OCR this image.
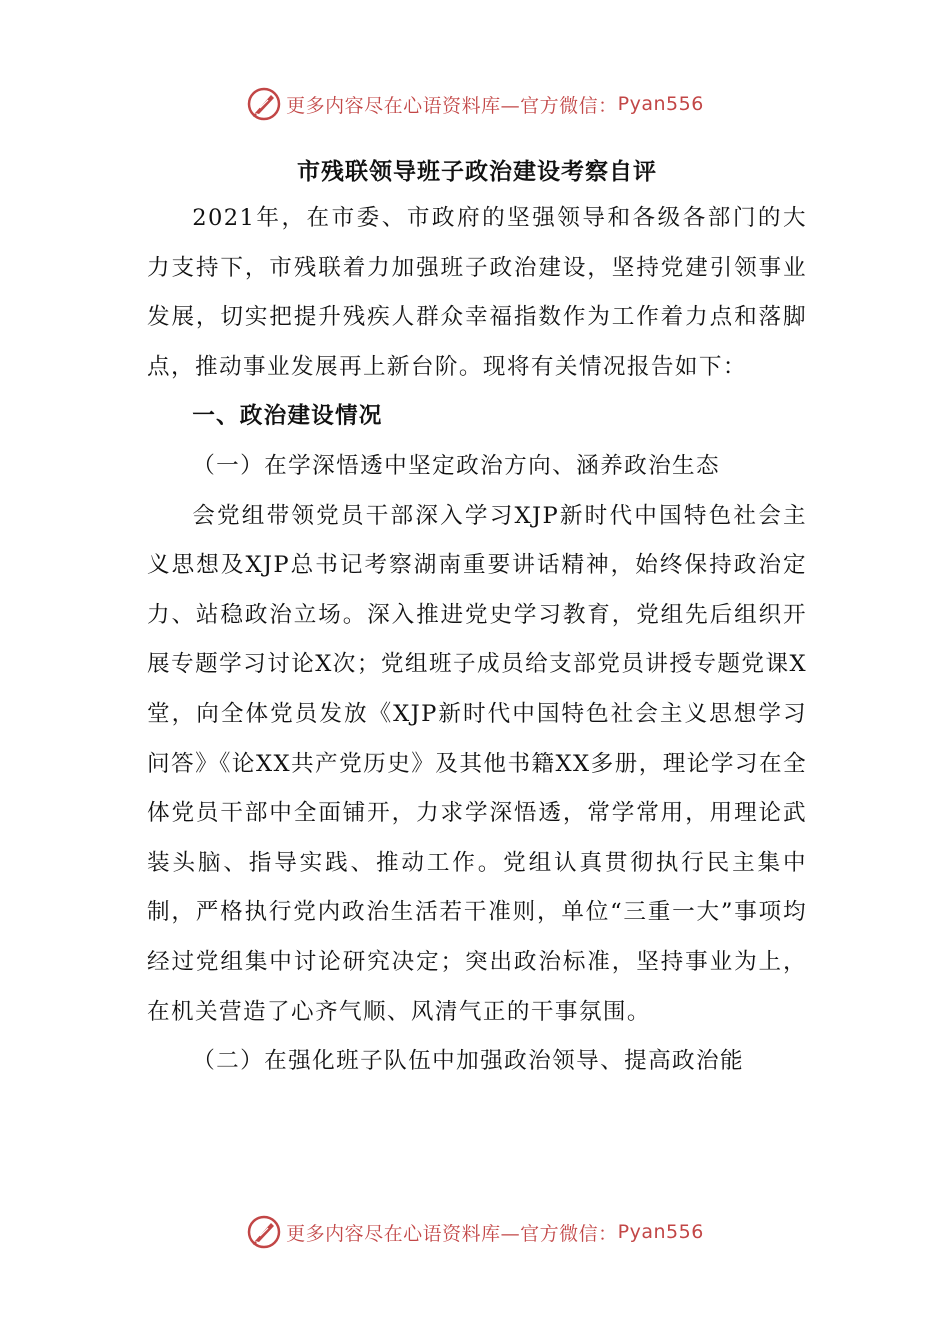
更多内容尽在心语资料库—官方微信： Pyan556
市残联领导班子政治建设考察自评

2021年，在市委、市政府的坚强领导和各级各部门的大力支持下，市残联着力加强班子政治建设，坚持党建引领事业发展，切实把提升残疾人群众幸福指数作为工作着力点和落脚点，推动事业发展再上新台阶。现将有关情况报告如下：

一、政治建设情况

（一）在学深悟透中坚定政治方向、涵养政治生态

会党组带领党员干部深入学习XJP新时代中国特色社会主义思想及XJP总书记考察湖南重要讲话精神，始终保持政治定力、站稳政治立场。深入推进党史学习教育，党组先后组织开展专题学习讨论X次；党组班子成员给支部党员讲授专题党课X堂，向全体党员发放《XJP新时代中国特色社会主义思想学习问答》《论XX共产党历史》及其他书籍XX多册，理论学习在全体党员干部中全面铺开，力求学深悟透，常学常用，用理论武装头脑、指导实践、推动工作。党组认真贯彻执行民主集中制，严格执行党内政治生活若干准则，单位“三重一大”事项均经过党组集中讨论研究决定；突出政治标准，坚持事业为上，在机关营造了心齐气顺、风清气正的干事氛围。

（二）在强化班子队伍中加强政治领导、提高政治能

更多内容尽在心语资料库—官方微信： Pyan556
